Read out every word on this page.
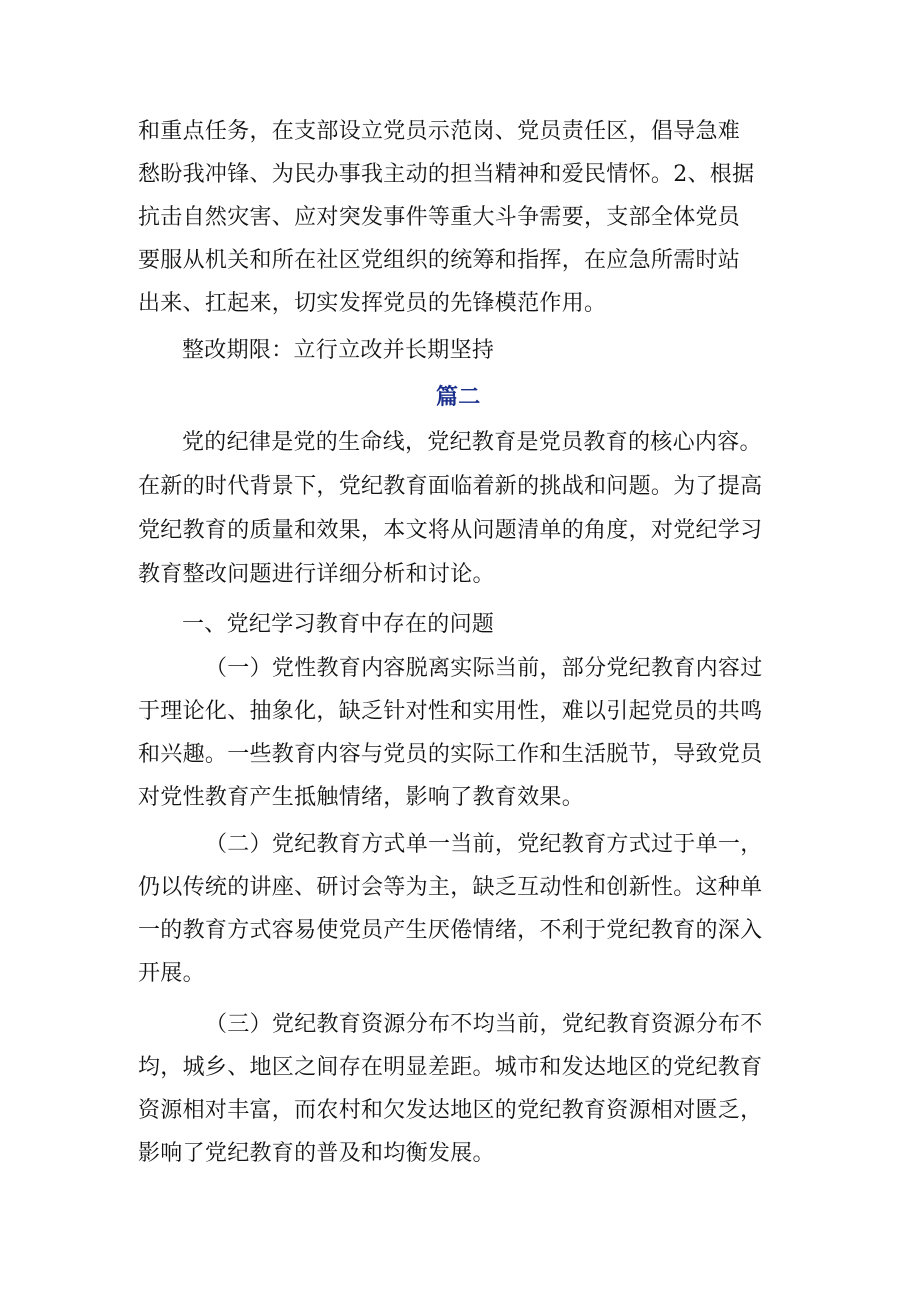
和重点任务，在支部设立党员示范岗、党员责任区，倡导急难
愁盼我冲锋、为民办事我主动的担当精神和爱民情怀。2、根据
抗击自然灾害、应对突发事件等重大斗争需要，支部全体党员
要服从机关和所在社区党组织的统筹和指挥，在应急所需时站
出来、扛起来，切实发挥党员的先锋模范作用。
整改期限：立行立改并长期坚持
篇二
党的纪律是党的生命线，党纪教育是党员教育的核心内容。
在新的时代背景下，党纪教育面临着新的挑战和问题。为了提高
党纪教育的质量和效果，本文将从问题清单的角度，对党纪学习
教育整改问题进行详细分析和讨论。
一、党纪学习教育中存在的问题
（一）党性教育内容脱离实际当前，部分党纪教育内容过
于理论化、抽象化，缺乏针对性和实用性，难以引起党员的共鸣
和兴趣。一些教育内容与党员的实际工作和生活脱节，导致党员
对党性教育产生抵触情绪，影响了教育效果。
（二）党纪教育方式单一当前，党纪教育方式过于单一，
仍以传统的讲座、研讨会等为主，缺乏互动性和创新性。这种单
一的教育方式容易使党员产生厌倦情绪，不利于党纪教育的深入
开展。
（三）党纪教育资源分布不均当前，党纪教育资源分布不
均，城乡、地区之间存在明显差距。城市和发达地区的党纪教育
资源相对丰富，而农村和欠发达地区的党纪教育资源相对匮乏，
影响了党纪教育的普及和均衡发展。
